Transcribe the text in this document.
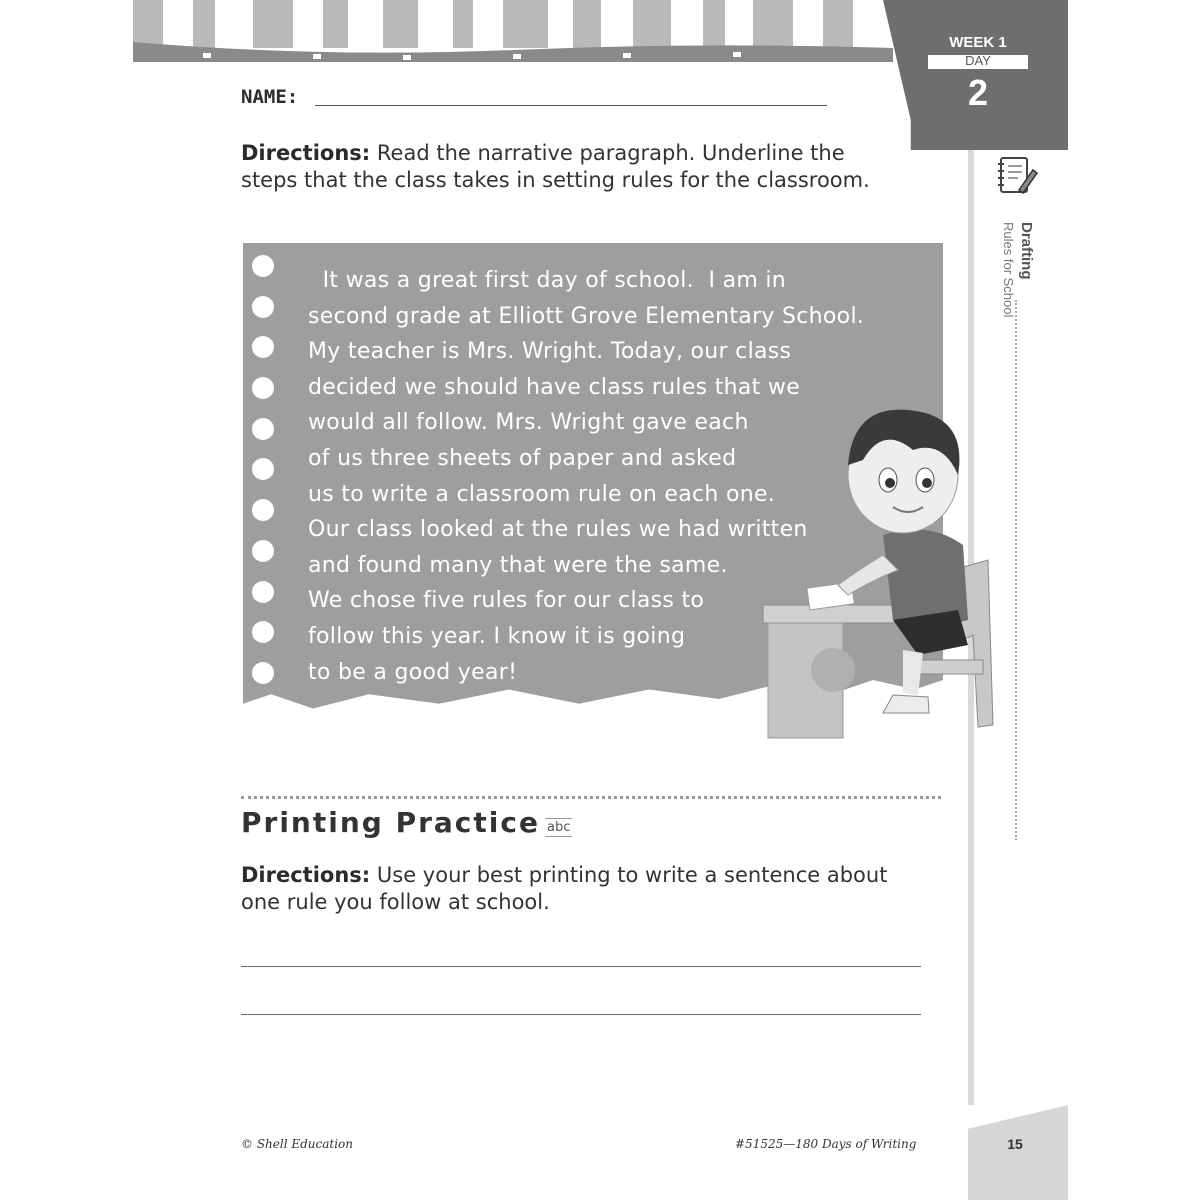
WEEK 1
DAY
2
Drafting
Rules for School
NAME:
Directions: Read the narrative paragraph. Underline the steps that the class takes in setting rules for the classroom.
It was a great first day of school.  I am in
second grade at Elliott Grove Elementary School.
My teacher is Mrs. Wright. Today, our class
decided we should have class rules that we
would all follow. Mrs. Wright gave each
of us three sheets of paper and asked
us to write a classroom rule on each one.
Our class looked at the rules we had written
and found many that were the same.
We chose five rules for our class to
follow this year. I know it is going
to be a good year!
Printing Practice abc
Directions: Use your best printing to write a sentence about one rule you follow at school.
© Shell Education	#51525—180 Days of Writing	15
